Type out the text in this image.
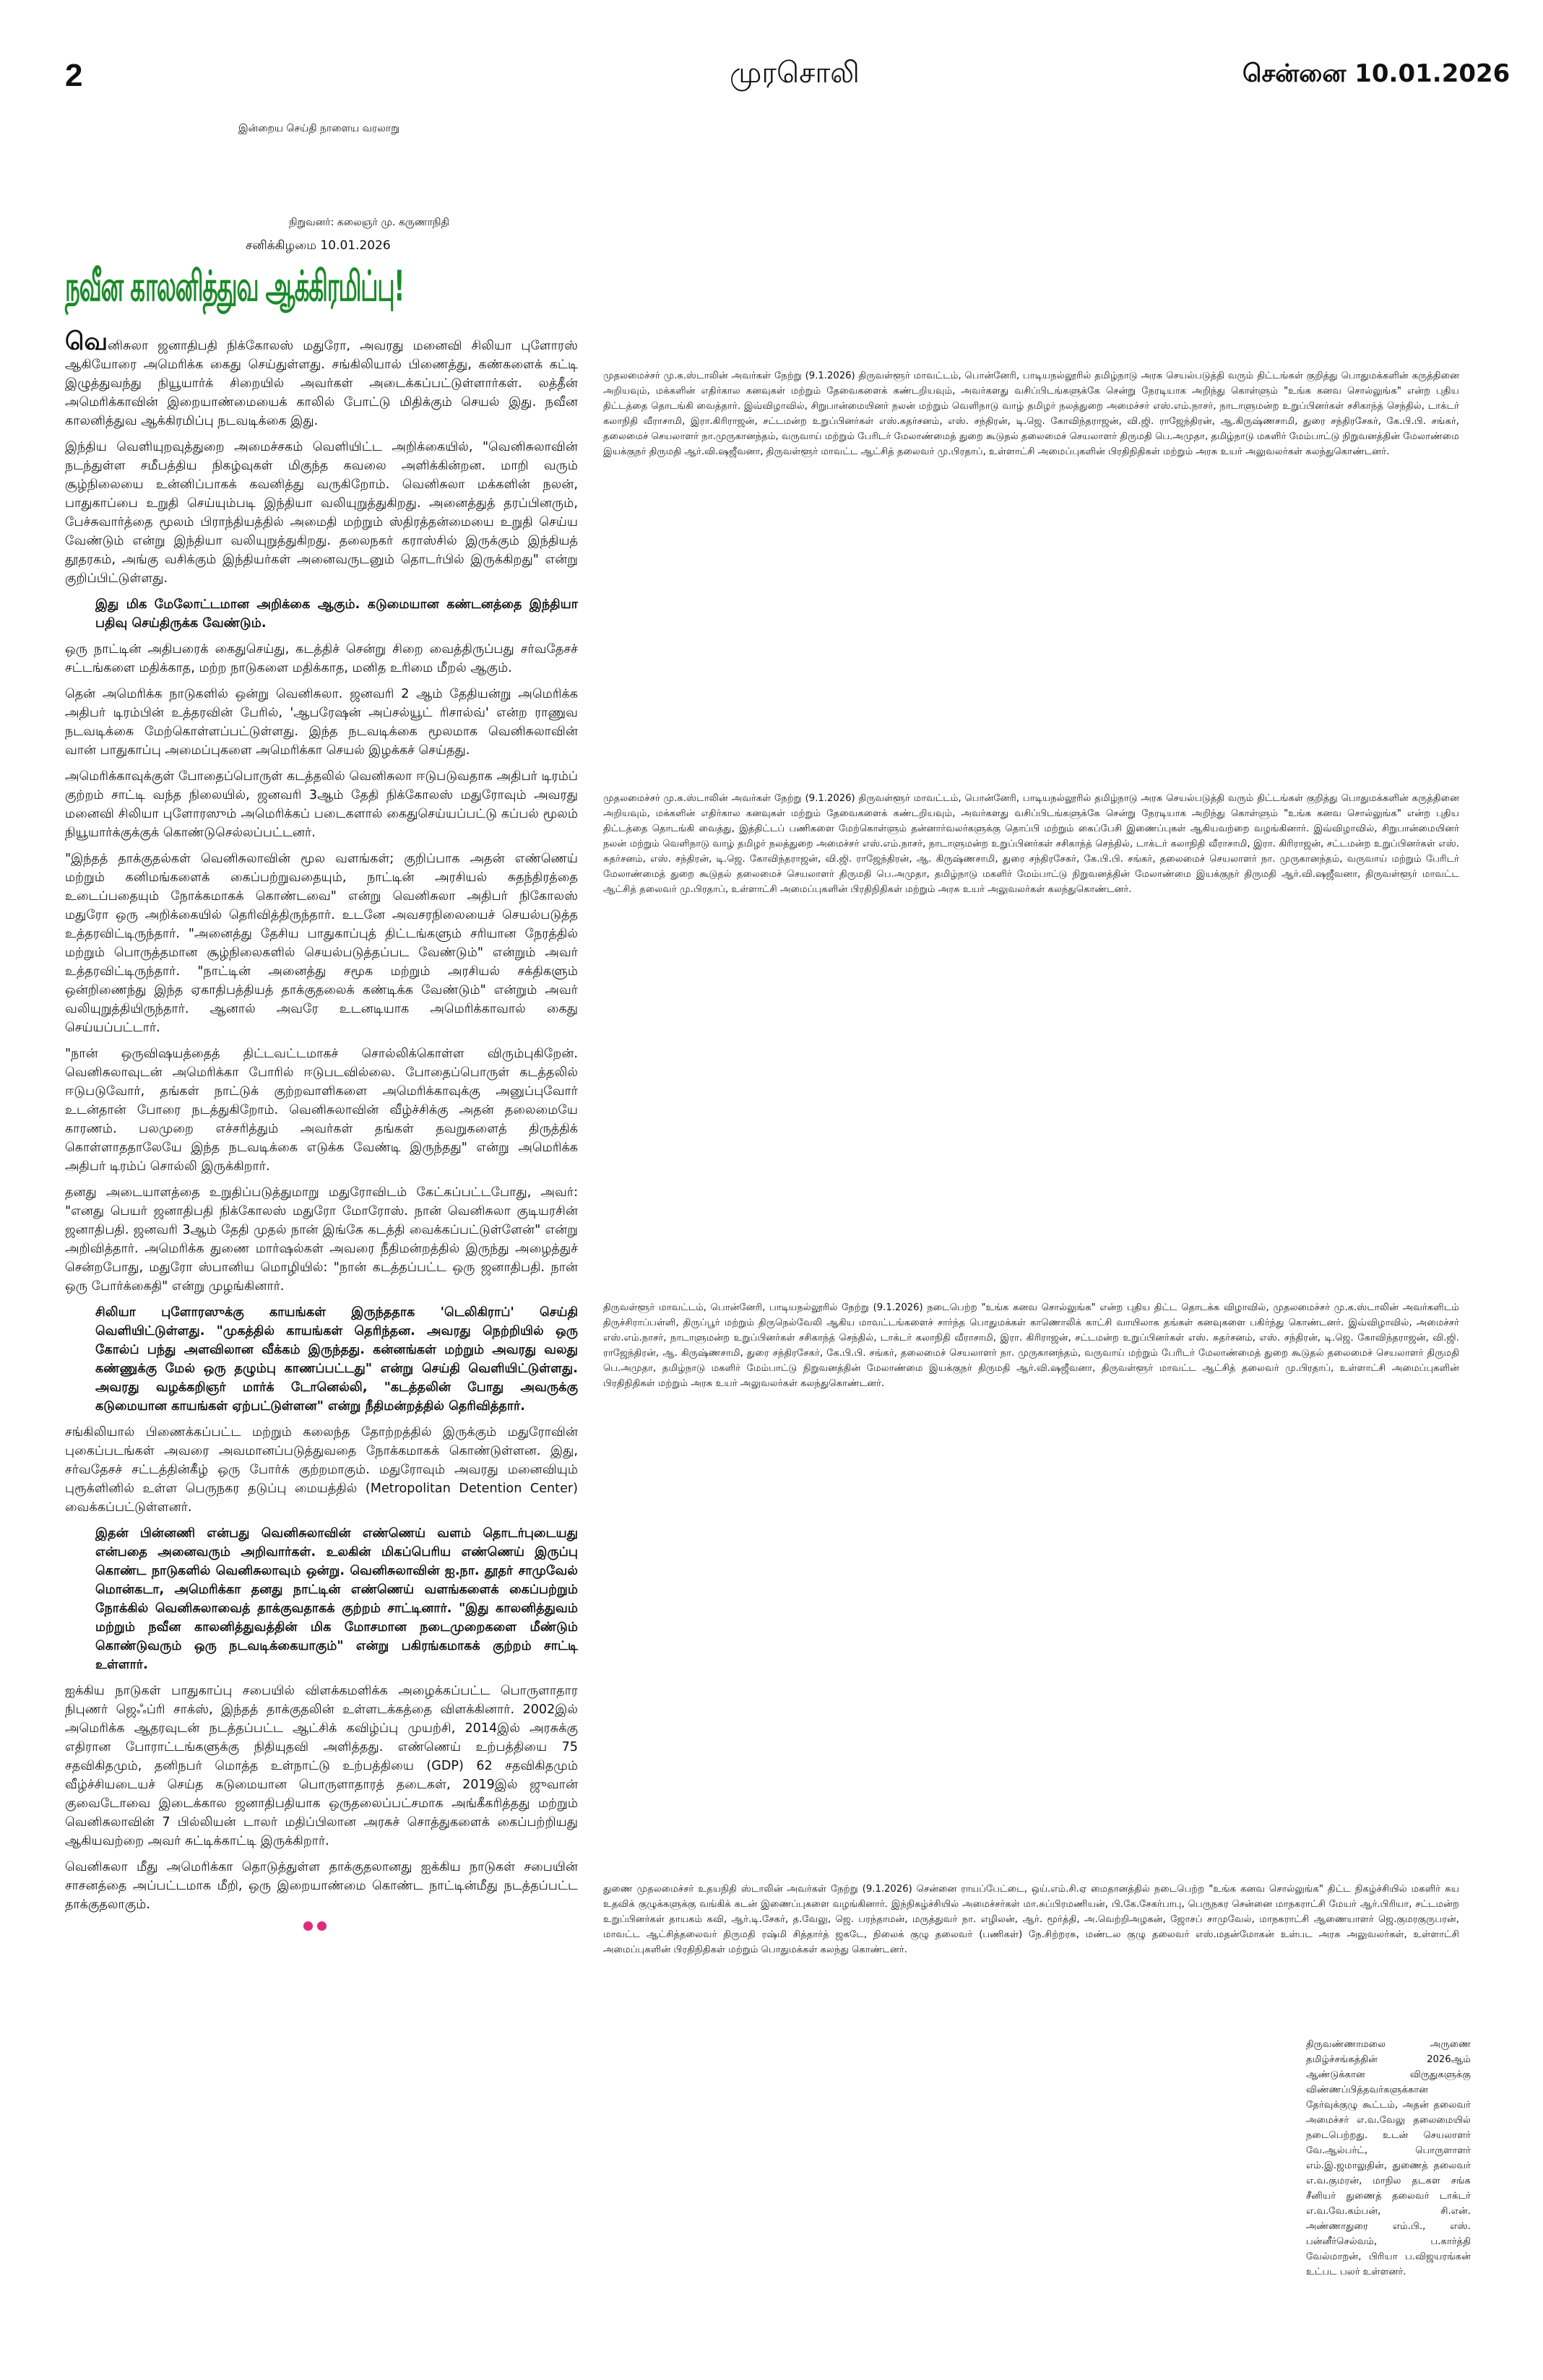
2	முரசொலி	சென்னை 10.01.2026
இன்றைய செய்தி நாளைய வரலாறு
நிறுவனர்: கலைஞர் மு. கருணாநிதி
சனிக்கிழமை 10.01.2026
நவீன காலனித்துவ ஆக்கிரமிப்பு!

வெனிசுலா ஜனாதிபதி நிக்கோலஸ் மதுரோ, அவரது மனைவி சிலியா புளோரஸ் ஆகியோரை அமெரிக்க கைது செய்துள்ளது. சங்கிலியால் பிணைத்து, கண்களைக் கட்டி இழுத்துவந்து நியூயார்க் சிறையில் அவர்கள் அடைக்கப்பட்டுள்ளார்கள். லத்தீன் அமெரிக்காவின் இறையாண்மையைக் காலில் போட்டு மிதிக்கும் செயல் இது. நவீன காலனித்துவ ஆக்கிரமிப்பு நடவடிக்கை இது.

இந்திய வெளியுறவுத்துறை அமைச்சகம் வெளியிட்ட அறிக்கையில், "வெனிசுலாவின் நடந்துள்ள சமீபத்திய நிகழ்வுகள் மிகுந்த கவலை அளிக்கின்றன. மாறி வரும் சூழ்நிலையை உன்னிப்பாகக் கவனித்து வருகிறோம். வெனிசுலா மக்களின் நலன், பாதுகாப்பை உறுதி செய்யும்படி இந்தியா வலியுறுத்துகிறது. அனைத்துத் தரப்பினரும், பேச்சுவார்த்தை மூலம் பிராந்தியத்தில் அமைதி மற்றும் ஸ்திரத்தன்மையை உறுதி செய்ய வேண்டும் என்று இந்தியா வலியுறுத்துகிறது. தலைநகர் கராஸ்சில் இருக்கும் இந்தியத் தூதரகம், அங்கு வசிக்கும் இந்தியர்கள் அனைவருடனும் தொடர்பில் இருக்கிறது" என்று குறிப்பிட்டுள்ளது.

இது மிக மேலோட்டமான அறிக்கை ஆகும். கடுமையான கண்டனத்தை இந்தியா பதிவு செய்திருக்க வேண்டும்.

ஒரு நாட்டின் அதிபரைக் கைதுசெய்து, கடத்திச் சென்று சிறை வைத்திருப்பது சர்வதேசச் சட்டங்களை மதிக்காத, மற்ற நாடுகளை மதிக்காத, மனித உரிமை மீறல் ஆகும்.

தென் அமெரிக்க நாடுகளில் ஒன்று வெனிசுலா. ஜனவரி 2 ஆம் தேதியன்று அமெரிக்க அதிபர் டிரம்பின் உத்தரவின் பேரில், 'ஆபரேஷன் அப்சல்யூட் ரிசால்வ்' என்ற ராணுவ நடவடிக்கை மேற்கொள்ளப்பட்டுள்ளது. இந்த நடவடிக்கை மூலமாக வெனிசுலாவின் வான் பாதுகாப்பு அமைப்புகளை அமெரிக்கா செயல் இழக்கச் செய்தது.

அமெரிக்காவுக்குள் போதைப்பொருள் கடத்தலில் வெனிசுலா ஈடுபடுவதாக அதிபர் டிரம்ப் குற்றம் சாட்டி வந்த நிலையில், ஜனவரி 3ஆம் தேதி நிக்கோலஸ் மதுரோவும் அவரது மனைவி சிலியா புளோரஸும் அமெரிக்கப் படைகளால் கைதுசெய்யப்பட்டு கப்பல் மூலம் நியூயார்க்குக்குக் கொண்டுசெல்லப்பட்டனர்.

"இந்தத் தாக்குதல்கள் வெனிசுலாவின் மூல வளங்கள்; குறிப்பாக அதன் எண்ணெய் மற்றும் கனிமங்களைக் கைப்பற்றுவதையும், நாட்டின் அரசியல் சுதந்திரத்தை உடைப்பதையும் நோக்கமாகக் கொண்டவை" என்று வெனிசுலா அதிபர் நிகோலஸ் மதுரோ ஒரு அறிக்கையில் தெரிவித்திருந்தார். உடனே அவசரநிலையைச் செயல்படுத்த உத்தரவிட்டிருந்தார். "அனைத்து தேசிய பாதுகாப்புத் திட்டங்களும் சரியான நேரத்தில் மற்றும் பொருத்தமான சூழ்நிலைகளில் செயல்படுத்தப்பட வேண்டும்" என்றும் அவர் உத்தரவிட்டிருந்தார். "நாட்டின் அனைத்து சமூக மற்றும் அரசியல் சக்திகளும் ஒன்றிணைந்து இந்த ஏகாதிபத்தியத் தாக்குதலைக் கண்டிக்க வேண்டும்" என்றும் அவர் வலியுறுத்தியிருந்தார். ஆனால் அவரே உடனடியாக அமெரிக்காவால் கைது செய்யப்பட்டார்.

"நான் ஒருவிஷயத்தைத் திட்டவட்டமாகச் சொல்லிக்கொள்ள விரும்புகிறேன். வெனிசுலாவுடன் அமெரிக்கா போரில் ஈடுபடவில்லை. போதைப்பொருள் கடத்தலில் ஈடுபடுவோர், தங்கள் நாட்டுக் குற்றவாளிகளை அமெரிக்காவுக்கு அனுப்புவோர் உடன்தான் போரை நடத்துகிறோம். வெனிசுலாவின் வீழ்ச்சிக்கு அதன் தலைமையே காரணம். பலமுறை எச்சரித்தும் அவர்கள் தங்கள் தவறுகளைத் திருத்திக் கொள்ளாததாலேயே இந்த நடவடிக்கை எடுக்க வேண்டி இருந்தது" என்று அமெரிக்க அதிபர் டிரம்ப் சொல்லி இருக்கிறார்.

தனது அடையாளத்தை உறுதிப்படுத்துமாறு மதுரோவிடம் கேட்கப்பட்டபோது, அவர்: "எனது பெயர் ஜனாதிபதி நிக்கோலஸ் மதுரோ மோரோஸ். நான் வெனிசுலா குடியரசின் ஜனாதிபதி. ஜனவரி 3ஆம் தேதி முதல் நான் இங்கே கடத்தி வைக்கப்பட்டுள்ளேன்" என்று அறிவித்தார். அமெரிக்க துணை மார்ஷல்கள் அவரை நீதிமன்றத்தில் இருந்து அழைத்துச் சென்றபோது, மதுரோ ஸ்பானிய மொழியில்: "நான் கடத்தப்பட்ட ஒரு ஜனாதிபதி. நான் ஒரு போர்க்கைதி" என்று முழங்கினார்.

சிலியா புளோரஸுக்கு காயங்கள் இருந்ததாக 'டெலிகிராப்' செய்தி வெளியிட்டுள்ளது. "முகத்தில் காயங்கள் தெரிந்தன. அவரது நெற்றியில் ஒரு கோல்ப் பந்து அளவிலான வீக்கம் இருந்தது. கன்னங்கள் மற்றும் அவரது வலது கண்ணுக்கு மேல் ஒரு தழும்பு காணப்பட்டது" என்று செய்தி வெளியிட்டுள்ளது. அவரது வழக்கறிஞர் மார்க் டோனெல்லி, "கடத்தலின் போது அவருக்கு கடுமையான காயங்கள் ஏற்பட்டுள்ளன" என்று நீதிமன்றத்தில் தெரிவித்தார்.

சங்கிலியால் பிணைக்கப்பட்ட மற்றும் கலைந்த தோற்றத்தில் இருக்கும் மதுரோவின் புகைப்படங்கள் அவரை அவமானப்படுத்துவதை நோக்கமாகக் கொண்டுள்ளன. இது, சர்வதேசச் சட்டத்தின்கீழ் ஒரு போர்க் குற்றமாகும். மதுரோவும் அவரது மனைவியும் புரூக்ளினில் உள்ள பெருநகர தடுப்பு மையத்தில் (Metropolitan Detention Center) வைக்கப்பட்டுள்ளனர்.

இதன் பின்னணி என்பது வெனிசுலாவின் எண்ணெய் வளம் தொடர்புடையது என்பதை அனைவரும் அறிவார்கள். உலகின் மிகப்பெரிய எண்ணெய் இருப்பு கொண்ட நாடுகளில் வெனிசுலாவும் ஒன்று. வெனிசுலாவின் ஐ.நா. தூதர் சாமுவேல் மொன்கடா, அமெரிக்கா தனது நாட்டின் எண்ணெய் வளங்களைக் கைப்பற்றும் நோக்கில் வெனிசுலாவைத் தாக்குவதாகக் குற்றம் சாட்டினார். "இது காலனித்துவம் மற்றும் நவீன காலனித்துவத்தின் மிக மோசமான நடைமுறைகளை மீண்டும் கொண்டுவரும் ஒரு நடவடிக்கையாகும்" என்று பகிரங்கமாகக் குற்றம் சாட்டி உள்ளார்.

ஐக்கிய நாடுகள் பாதுகாப்பு சபையில் விளக்கமளிக்க அழைக்கப்பட்ட பொருளாதார நிபுணர் ஜெஃப்ரி சாக்ஸ், இந்தத் தாக்குதலின் உள்ளடக்கத்தை விளக்கினார். 2002இல் அமெரிக்க ஆதரவுடன் நடத்தப்பட்ட ஆட்சிக் கவிழ்ப்பு முயற்சி, 2014இல் அரசுக்கு எதிரான போராட்டங்களுக்கு நிதியுதவி அளித்தது. எண்ணெய் உற்பத்தியை 75 சதவிகிதமும், தனிநபர் மொத்த உள்நாட்டு உற்பத்தியை (GDP) 62 சதவிகிதமும் வீழ்ச்சியடையச் செய்த கடுமையான பொருளாதாரத் தடைகள், 2019இல் ஜுவான் குவைடோவை இடைக்கால ஜனாதிபதியாக ஒருதலைப்பட்சமாக அங்கீகரித்தது மற்றும் வெனிசுலாவின் 7 பில்லியன் டாலர் மதிப்பிலான அரசுச் சொத்துகளைக் கைப்பற்றியது ஆகியவற்றை அவர் சுட்டிக்காட்டி இருக்கிறார்.

வெனிசுலா மீது அமெரிக்கா தொடுத்துள்ள தாக்குதலானது ஐக்கிய நாடுகள் சபையின் சாசனத்தை அப்பட்டமாக மீறி, ஒரு இறையாண்மை கொண்ட நாட்டின்மீது நடத்தப்பட்ட தாக்குதலாகும்.

முதலமைச்சர் மு.க.ஸ்டாலின் அவர்கள் நேற்று (9.1.2026) திருவள்ளூர் மாவட்டம், பொன்னேரி, பாடியநல்லூரில் தமிழ்நாடு அரசு செயல்படுத்தி வரும் திட்டங்கள் குறித்து பொதுமக்களின் கருத்தினை அறியவும், மக்களின் எதிர்கால கனவுகள் மற்றும் தேவைகளைக் கண்டறியவும், அவர்களது வசிப்பிடங்களுக்கே சென்று நேரடியாக அறிந்து கொள்ளும் "உங்க கனவ சொல்லுங்க" என்ற புதிய திட்டத்தை தொடங்கி வைத்தார். இவ்விழாவில், சிறுபான்மையினர் நலன் மற்றும் வெளிநாடு வாழ் தமிழர் நலத்துறை அமைச்சர் எஸ்.எம்.நாசர், நாடாளுமன்ற உறுப்பினர்கள் சசிகாந்த் செந்தில், டாக்டர் கலாநிதி வீராசாமி, இரா.கிரிராஜன், சட்டமன்ற உறுப்பினர்கள் எஸ்.சுதர்சனம், எஸ். சந்திரன், டி.ஜெ. கோவிந்தராஜன், வி.ஜி. ராஜேந்திரன், ஆ.கிருஷ்ணசாமி, துரை சந்திரசேகர், கே.பி.பி. சங்கர், தலைமைச் செயலாளர் நா.முருகானந்தம், வருவாய் மற்றும் பேரிடர் மேலாண்மைத் துறை கூடுதல் தலைமைச் செயலாளர் திருமதி பெ.அமுதா, தமிழ்நாடு மகளிர் மேம்பாட்டு நிறுவனத்தின் மேலாண்மை இயக்குநர் திருமதி ஆர்.வி.ஷஜீவனா, திருவள்ளூர் மாவட்ட ஆட்சித் தலைவர் மு.பிரதாப், உள்ளாட்சி அமைப்புகளின் பிரதிநிதிகள் மற்றும் அரசு உயர் அலுவலர்கள் கலந்துகொண்டனர்.
முதலமைச்சர் மு.க.ஸ்டாலின் அவர்கள் நேற்று (9.1.2026) திருவள்ளூர் மாவட்டம், பொன்னேரி, பாடியநல்லூரில் தமிழ்நாடு அரசு செயல்படுத்தி வரும் திட்டங்கள் குறித்து பொதுமக்களின் கருத்தினை அறியவும், மக்களின் எதிர்கால கனவுகள் மற்றும் தேவைகளைக் கண்டறியவும், அவர்களது வசிப்பிடங்களுக்கே சென்று நேரடியாக அறிந்து கொள்ளும் "உங்க கனவ சொல்லுங்க" என்ற புதிய திட்டத்தை தொடங்கி வைத்து, இத்திட்டப் பணிகளை மேற்கொள்ளும் தன்னார்வலர்களுக்கு தொப்பி மற்றும் கைப்பேசி இணைப்புகள் ஆகியவற்றை வழங்கினார். இவ்விழாவில், சிறுபான்மையினர் நலன் மற்றும் வெளிநாடு வாழ் தமிழர் நலத்துறை அமைச்சர் எஸ்.எம்.நாசர், நாடாளுமன்ற உறுப்பினர்கள் சசிகாந்த் செந்தில், டாக்டர் கலாநிதி வீராசாமி, இரா. கிரிராஜன், சட்டமன்ற உறுப்பினர்கள் எஸ். சுதர்சனம், எஸ். சந்திரன், டி.ஜெ. கோவிந்தராஜன், வி.ஜி. ராஜேந்திரன், ஆ. கிருஷ்ணசாமி, துரை சந்திரசேகர், கே.பி.பி. சங்கர், தலைமைச் செயலாளர் நா. முருகானந்தம், வருவாய் மற்றும் பேரிடர் மேலாண்மைத் துறை கூடுதல் தலைமைச் செயலாளர் திருமதி பெ.அமுதா, தமிழ்நாடு மகளிர் மேம்பாட்டு நிறுவனத்தின் மேலாண்மை இயக்குநர் திருமதி ஆர்.வி.ஷஜீவனா, திருவள்ளூர் மாவட்ட ஆட்சித் தலைவர் மு.பிரதாப், உள்ளாட்சி அமைப்புகளின் பிரதிநிதிகள் மற்றும் அரசு உயர் அலுவலர்கள் கலந்துகொண்டனர்.
திருவள்ளூர் மாவட்டம், பொன்னேரி, பாடியநல்லூரில் நேற்று (9.1.2026) நடைபெற்ற "உங்க கனவ சொல்லுங்க" என்ற புதிய திட்ட தொடக்க விழாவில், முதலமைச்சர் மு.க.ஸ்டாலின் அவர்களிடம் திருச்சிராப்பள்ளி, திருப்பூர் மற்றும் திருநெல்வேலி ஆகிய மாவட்டங்களைச் சார்ந்த பொதுமக்கள் காணொலிக் காட்சி வாயிலாக தங்கள் கனவுகளை பகிர்ந்து கொண்டனர். இவ்விழாவில், அமைச்சர் எஸ்.எம்.நாசர், நாடாளுமன்ற உறுப்பினர்கள் சசிகாந்த் செந்தில், டாக்டர் கலாநிதி வீராசாமி, இரா. கிரிராஜன், சட்டமன்ற உறுப்பினர்கள் எஸ். சுதர்சனம், எஸ். சந்திரன், டி.ஜெ. கோவிந்தராஜன், வி.ஜி. ராஜேந்திரன், ஆ. கிருஷ்ணசாமி, துரை சந்திரசேகர், கே.பி.பி. சங்கர், தலைமைச் செயலாளர் நா. முருகானந்தம், வருவாய் மற்றும் பேரிடர் மேலாண்மைத் துறை கூடுதல் தலைமைச் செயலாளர் திருமதி பெ.அமுதா, தமிழ்நாடு மகளிர் மேம்பாட்டு நிறுவனத்தின் மேலாண்மை இயக்குநர் திருமதி ஆர்.வி.ஷஜீவனா, திருவள்ளூர் மாவட்ட ஆட்சித் தலைவர் மு.பிரதாப், உள்ளாட்சி அமைப்புகளின் பிரதிநிதிகள் மற்றும் அரசு உயர் அலுவலர்கள் கலந்துகொண்டனர்.
துணை முதலமைச்சர் உதயநிதி ஸ்டாலின் அவர்கள் நேற்று (9.1.2026) சென்னை ராயப்பேட்டை, ஒய்.எம்.சி.ஏ மைதானத்தில் நடைபெற்ற "உங்க கனவ சொல்லுங்க" திட்ட நிகழ்ச்சியில் மகளிர் சுய உதவிக் குழுக்களுக்கு வங்கிக் கடன் இணைப்புகளை வழங்கினார். இந்நிகழ்ச்சியில் அமைச்சர்கள் மா.சுப்பிரமணியன், பி.கே.சேகர்பாபு, பெருநகர சென்னை மாநகராட்சி மேயர் ஆர்.பிரியா, சட்டமன்ற உறுப்பினர்கள் தாயகம் கவி, ஆர்.டி.சேகர், த.வேலு, ஜெ. பரந்தாமன், மருத்துவர் நா. எழிலன், ஆர். மூர்த்தி, அ.வெற்றிஅழகன், ஜோசப் சாமுவேல், மாநகராட்சி ஆணையாளர் ஜெ.குமரகுருபரன், மாவட்ட ஆட்சித்தலைவர் திருமதி ரஷ்மி சித்தார்த் ஜகடே, நிலைக் குழு தலைவர் (பணிகள்) நே.சிற்றரசு, மண்டல குழு தலைவர் எஸ்.மதன்மோகன் உள்பட அரசு அலுவலர்கள், உள்ளாட்சி அமைப்புகளின் பிரதிநிதிகள் மற்றும் பொதுமக்கள் கலந்து கொண்டனர்.
திருவண்ணாமலை அருணை தமிழ்ச்சங்கத்தின் 2026ஆம் ஆண்டுக்கான விருதுகளுக்கு விண்ணப்பித்தவர்களுக்கான தேர்வுக்குழு கூட்டம், அதன் தலைவர் அமைச்சர் எ.வ.வேலு தலைமையில் நடைபெற்றது. உடன் செயலாளர் வே.ஆல்பர்ட், பொருளாளர் எம்.இ.ஜமாலுதின், துணைத் தலைவர் எ.வ.குமரன், மாநில தடகள சங்க சீனியர் துணைத் தலைவர் டாக்டர் எ.வ.வே.கம்பன், சி.என். அண்ணாதுரை எம்.பி., எஸ். பன்னீர்செல்வம், ப.கார்த்தி வேல்மாறன், பிரியா ப.விஜயரங்கன் உட்பட பலர் உள்ளனர்.
